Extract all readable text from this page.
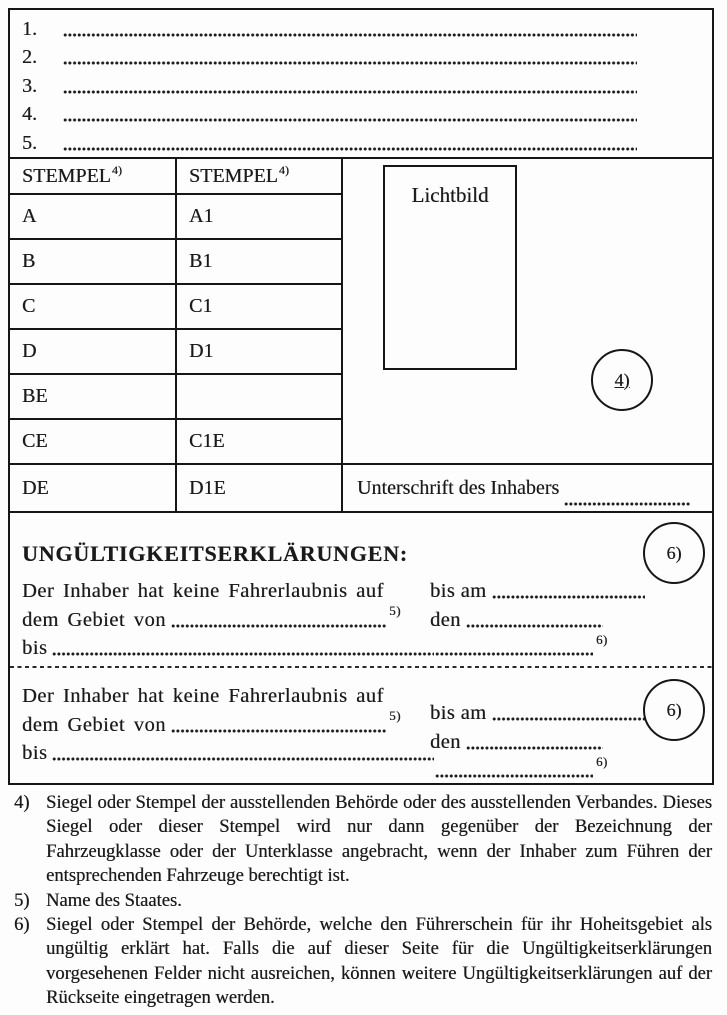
1.
2.
3.
4.
5.
STEMPEL$^{4)}$	STEMPEL$^{4)}$
A	A1
B	B1
C	C1
D	D1
BE
CE	C1E
DE	D1E	Unterschrift des Inhabers
Lichtbild
4)
UNGÜLTIGKEITSERKLÄRUNGEN:
Der Inhaber hat keine Fahrerlaubnis auf
dem Gebiet von	5)
bis
bis am
den
6)
6)
Der Inhaber hat keine Fahrerlaubnis auf
dem Gebiet von	5)
bis
bis am
den
6)
6)
4) Siegel oder Stempel der ausstellenden Behörde oder des ausstellenden Verbandes. Dieses Siegel oder dieser Stempel wird nur dann gegenüber der Bezeichnung der Fahrzeugklasse oder der Unterklasse angebracht, wenn der Inhaber zum Führen der entsprechenden Fahrzeuge berechtigt ist.
5) Name des Staates.
6) Siegel oder Stempel der Behörde, welche den Führerschein für ihr Hoheitsgebiet als ungültig erklärt hat. Falls die auf dieser Seite für die Ungültigkeitserklärungen vorgesehenen Felder nicht ausreichen, können weitere Ungültigkeitserklärungen auf der Rückseite eingetragen werden.
